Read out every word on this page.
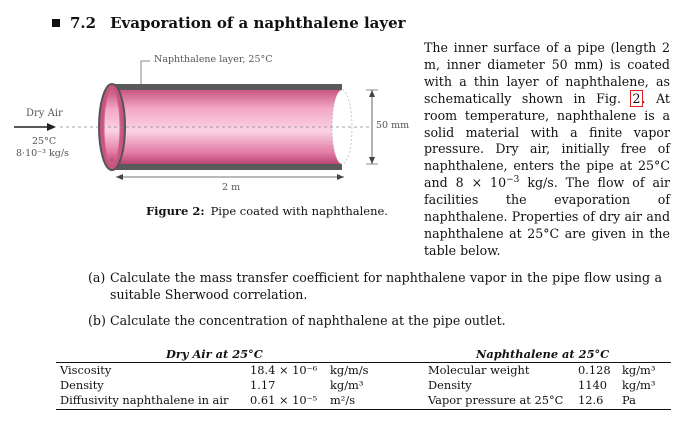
7.2 Evaporation of a naphthalene layer
Naphthalene layer, 25°C
Dry Air
25°C
8·10⁻³ kg/s
50 mm
2 m
Figure 2: Pipe coated with naphthalene.
The inner surface of a pipe (length 2 m, inner diameter 50 mm) is coated with a thin layer of naphthalene, as schematically shown in Fig. 2. At room temperature, naphthalene is a solid material with a finite vapor pressure. Dry air, initially free of naphthalene, enters the pipe at 25°C and $8 \times 10^{-3}$ kg/s. The flow of air facilities the evaporation of naphthalene. Properties of dry air and naphthalene at 25°C are given in the table below.
(a) Calculate the mass transfer coefficient for naphthalene vapor in the pipe flow using a suitable Sherwood correlation.
(b) Calculate the concentration of naphthalene at the pipe outlet.
Dry Air at 25°C	Naphthalene at 25°C
Viscosity	18.4 × 10⁻⁶ kg/m/s	Molecular weight	0.128 kg/m³
Density	1.17	kg/m³	Density	1140 kg/m³
Diffusivity naphthalene in air 0.61 × 10⁻⁵ m²/s	Vapor pressure at 25°C 12.6 Pa
